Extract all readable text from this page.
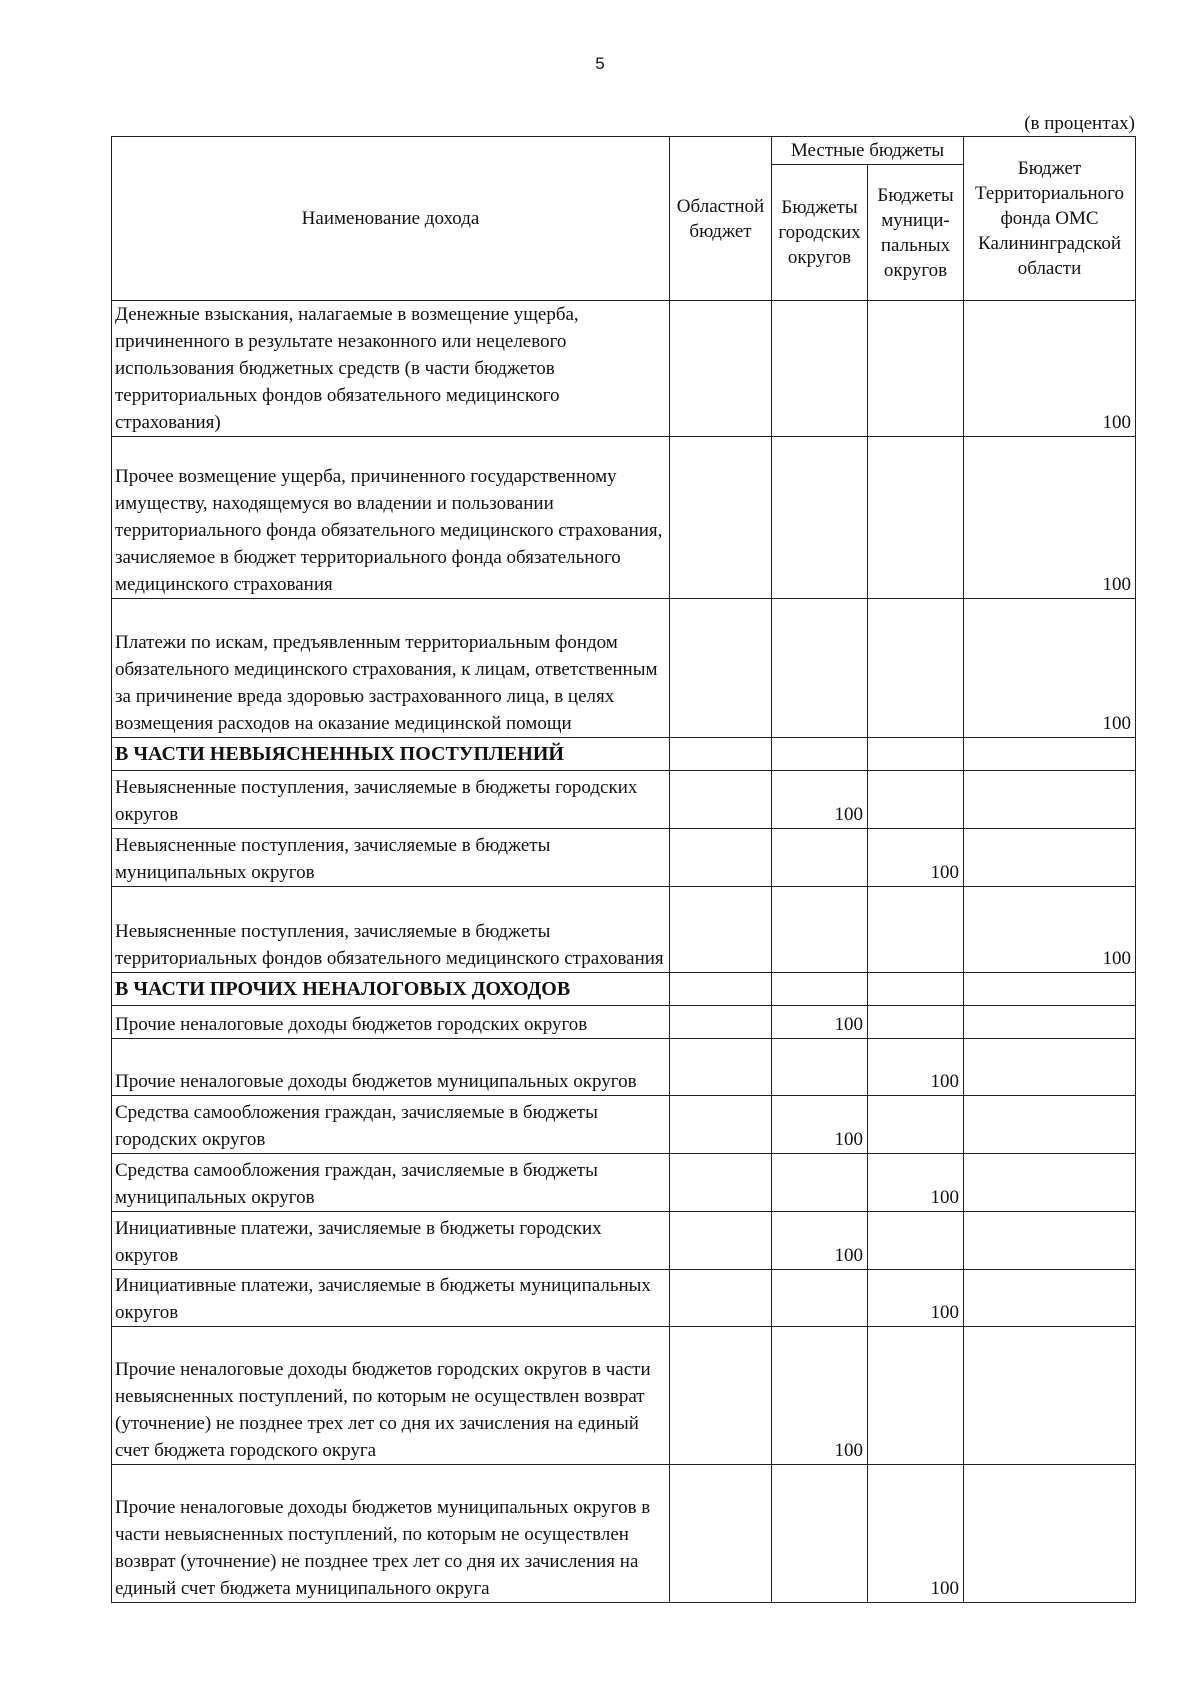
5
(в процентах)
Наименование дохода	Областной бюджет	Местные бюджеты		Бюджет Территориального фонда ОМС Калининградской области
		Бюджеты городских округов	Бюджеты муници-пальных округов	
Денежные взыскания, налагаемые в возмещение ущерба, причиненного в результате незаконного или нецелевого использования бюджетных средств (в части бюджетов территориальных фондов обязательного медицинского страхования)				100
Прочее возмещение ущерба, причиненного государственному имуществу, находящемуся во владении и пользовании территориального фонда обязательного медицинского страхования, зачисляемое в бюджет территориального фонда обязательного медицинского страхования				100
Платежи по искам, предъявленным территориальным фондом обязательного медицинского страхования, к лицам, ответственным за причинение вреда здоровью застрахованного лица, в целях возмещения расходов на оказание медицинской помощи				100
В ЧАСТИ НЕВЫЯСНЕННЫХ ПОСТУПЛЕНИЙ				
Невыясненные поступления, зачисляемые в бюджеты городских округов		100		
Невыясненные поступления, зачисляемые в бюджеты муниципальных округов			100	
Невыясненные поступления, зачисляемые в бюджеты территориальных фондов обязательного медицинского страхования				100
В ЧАСТИ ПРОЧИХ НЕНАЛОГОВЫХ ДОХОДОВ				
Прочие неналоговые доходы бюджетов городских округов		100		
Прочие неналоговые доходы бюджетов муниципальных округов			100	
Средства самообложения граждан, зачисляемые в бюджеты городских округов		100		
Средства самообложения граждан, зачисляемые в бюджеты муниципальных округов			100	
Инициативные платежи, зачисляемые в бюджеты городских округов		100		
Инициативные платежи, зачисляемые в бюджеты муниципальных округов			100	
Прочие неналоговые доходы бюджетов городских округов в части невыясненных поступлений, по которым не осуществлен возврат (уточнение) не позднее трех лет со дня их зачисления на единый счет бюджета городского округа		100		
Прочие неналоговые доходы бюджетов муниципальных округов в части невыясненных поступлений, по которым не осуществлен возврат (уточнение) не позднее трех лет со дня их зачисления на единый счет бюджета муниципального округа			100	
